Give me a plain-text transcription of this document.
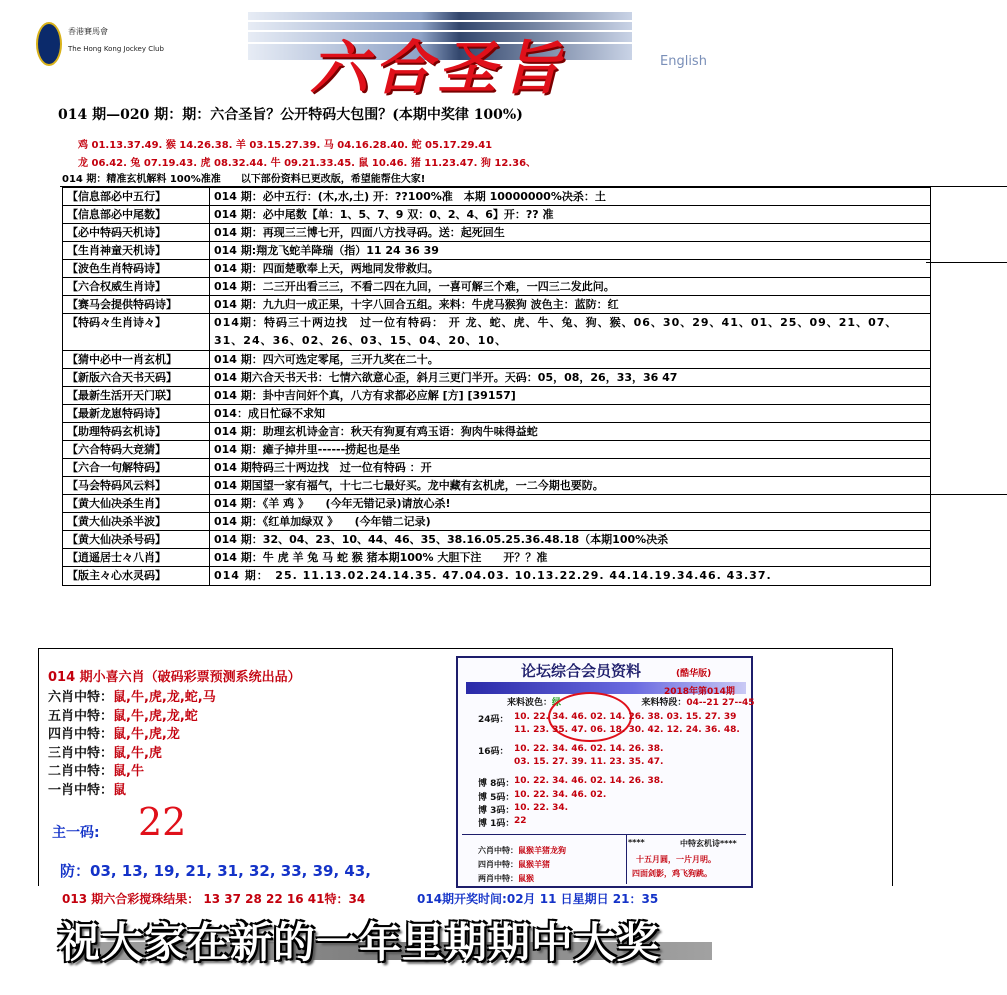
香港賽馬會
The Hong Kong Jockey Club	六合圣旨	English
014 期—020 期：期：六合圣旨？公开特码大包围？(本期中奖律 100%)
鸡 01.13.37.49. 猴 14.26.38. 羊 03.15.27.39. 马 04.16.28.40. 蛇 05.17.29.41
龙 06.42. 兔 07.19.43. 虎 08.32.44. 牛 09.21.33.45. 鼠 10.46. 猪 11.23.47. 狗 12.36、
014 期：精准玄机解料 100%准准　　以下部份资料已更改版，希望能帮住大家!
【信息部必中五行】	014 期：必中五行：(木,水,土) 开：??100%准　本期 10000000%决杀：土
【信息部必中尾数】	014 期：必中尾数【单：1、5、7、9 双：0、2、4、6】开：?? 准
【必中特码天机诗】	014 期：再现三三博七开，四面八方找寻码。送：起死回生
【生肖神童天机诗】	014 期:翔龙飞蛇羊降瑞（指）11 24 36 39
【波色生肖特码诗】	014 期：四面楚歌奉上天，两地同发带救归。
【六合权威生肖诗】	014 期：二三开出看三三，不看二四在九回，一喜可解三个难，一四三二发此问。
【赛马会提供特码诗】	014 期：九九归一成正果，十字八回合五组。来料：牛虎马猴狗 波色主：蓝防：红
【特码々生肖诗々】	014期：特码三十两边找　过一位有特码： 开 龙、蛇、虎、牛、兔、狗、猴、06、30、29、41、01、25、09、21、07、31、24、36、02、26、03、15、04、20、10、
【猜中必中一肖玄机】	014 期：四六可选定零尾，三开九奖在二十。
【新版六合天书天码】	014 期六合天书天书：七情六欲意心歪，斜月三更门半开。天码：05，08，26，33，36 47
【最新生活开天门联】	014 期：卦中吉问奸个真，八方有求都必应解 [方] [39157]
【最新龙崽特码诗】	014：成日忙碌不求知
【助理特码玄机诗】	014 期：助理玄机诗金言：秋天有狗夏有鸡玉语：狗肉牛味得益蛇
【六合特码大竞猜】	014 期：瘫子掉井里------捞起也是坐
【六合一句解特码】	014 期特码三十两边找　过一位有特码 ：开
【马会特码风云料】	014 期国望一家有福气，十七二七最好买。龙中藏有玄机虎，一二今期也要防。
【黄大仙决杀生肖】	014 期：《羊 鸡 》　　(今年无错记录)请放心杀!
【黄大仙决杀半波】	014 期：《红单加绿双 》　　(今年错二记录)
【黄大仙决杀号码】	014 期：32、04、23、10、44、46、35、38.16.05.25.36.48.18（本期100%决杀
【逍遥居士々八肖】	014 期：牛 虎 羊 兔 马 蛇 猴 猪本期100% 大胆下注　　开？？准
【版主々心水灵码】	014 期：　25. 11.13.02.24.14.35. 47.04.03. 10.13.22.29. 44.14.19.34.46. 43.37.
014 期小喜六肖（破码彩票预测系统出品）
六肖中特：鼠,牛,虎,龙,蛇,马
五肖中特：鼠,牛,虎,龙,蛇
四肖中特：鼠,牛,虎,龙
三肖中特：鼠,牛,虎
二肖中特：鼠,牛
一肖中特：鼠
主一码: 22
防：03, 13, 19, 21, 31, 32, 33, 39, 43,
论坛综合会员资料	(酷华版)
2018年第014期
来料波色：绿	来料特段：04--21 27--45
24码： 10. 22. 34. 46. 02. 14. 26. 38. 03. 15. 27. 39
11. 23. 35. 47. 06. 18. 30. 42. 12. 24. 36. 48.
16码： 10. 22. 34. 46. 02. 14. 26. 38.
03. 15. 27. 39. 11. 23. 35. 47.
博 8码： 10. 22. 34. 46. 02. 14. 26. 38.
博 5码： 10. 22. 34. 46. 02.
博 3码： 10. 22. 34.
博 1码： 22
六肖中特：鼠猴羊猪龙狗
四肖中特：鼠猴羊猪
两肖中特：鼠猴
****	中特玄机诗****
十五月圆，一片月明。
四面剑影，鸡飞狗跳。
013 期六合彩搅珠结果： 13 37 28 22 16 41特：34	014期开奖时间:02月 11 日星期日 21：35
祝大家在新的一年里期期中大奖
